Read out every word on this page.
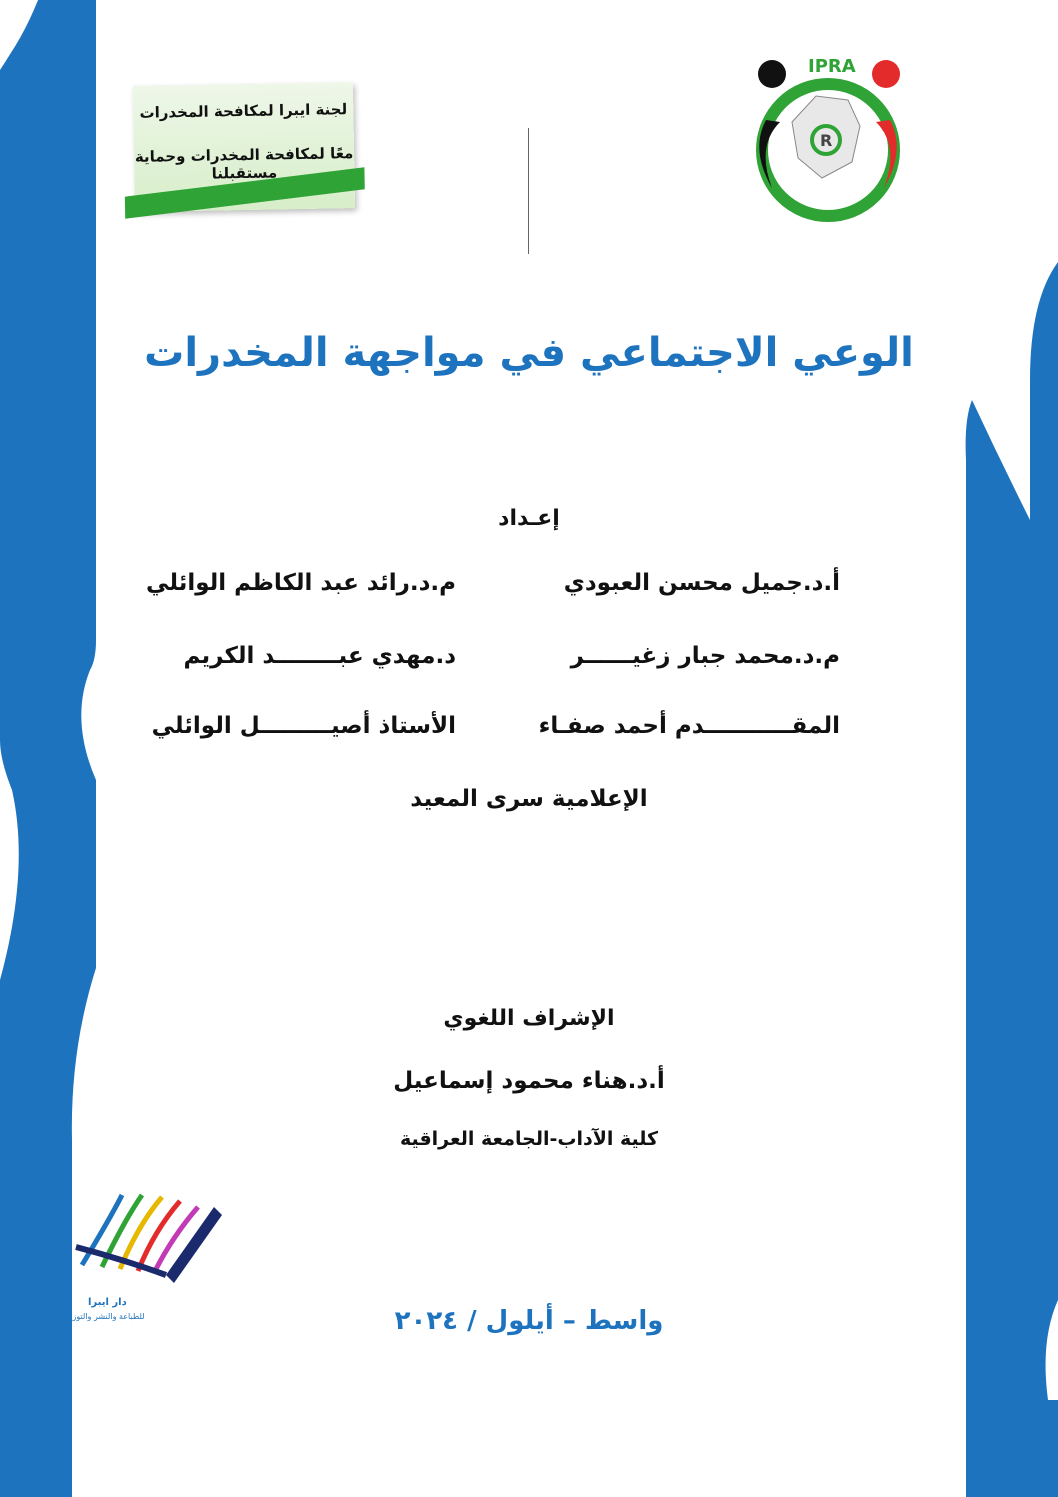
لجنة ايبرا لمكافحة المخدرات
معًا لمكافحة المخدرات وحماية مستقبلنا
R
IPRA
جمعية العلاقات العامة العراقية
الوعي الاجتماعي في مواجهة المخدرات
إعـداد
أ.د.جميل محسن العبودي
م.د.رائد عبد الكاظم الوائلي
م.د.محمد جبار زغيــــــر
د.مهدي عبــــــــد الكريم
المقـــــــــــدم أحمد صفـاء
الأستاذ أصيـــــــــل الوائلي
الإعلامية سرى المعيد
الإشراف اللغوي
أ.د.هناء محمود إسماعيل
كلية الآداب-الجامعة العراقية
دار ايبرا
للطباعة والنشر والتوزيع	واسط – أيلول / ٢٠٢٤
